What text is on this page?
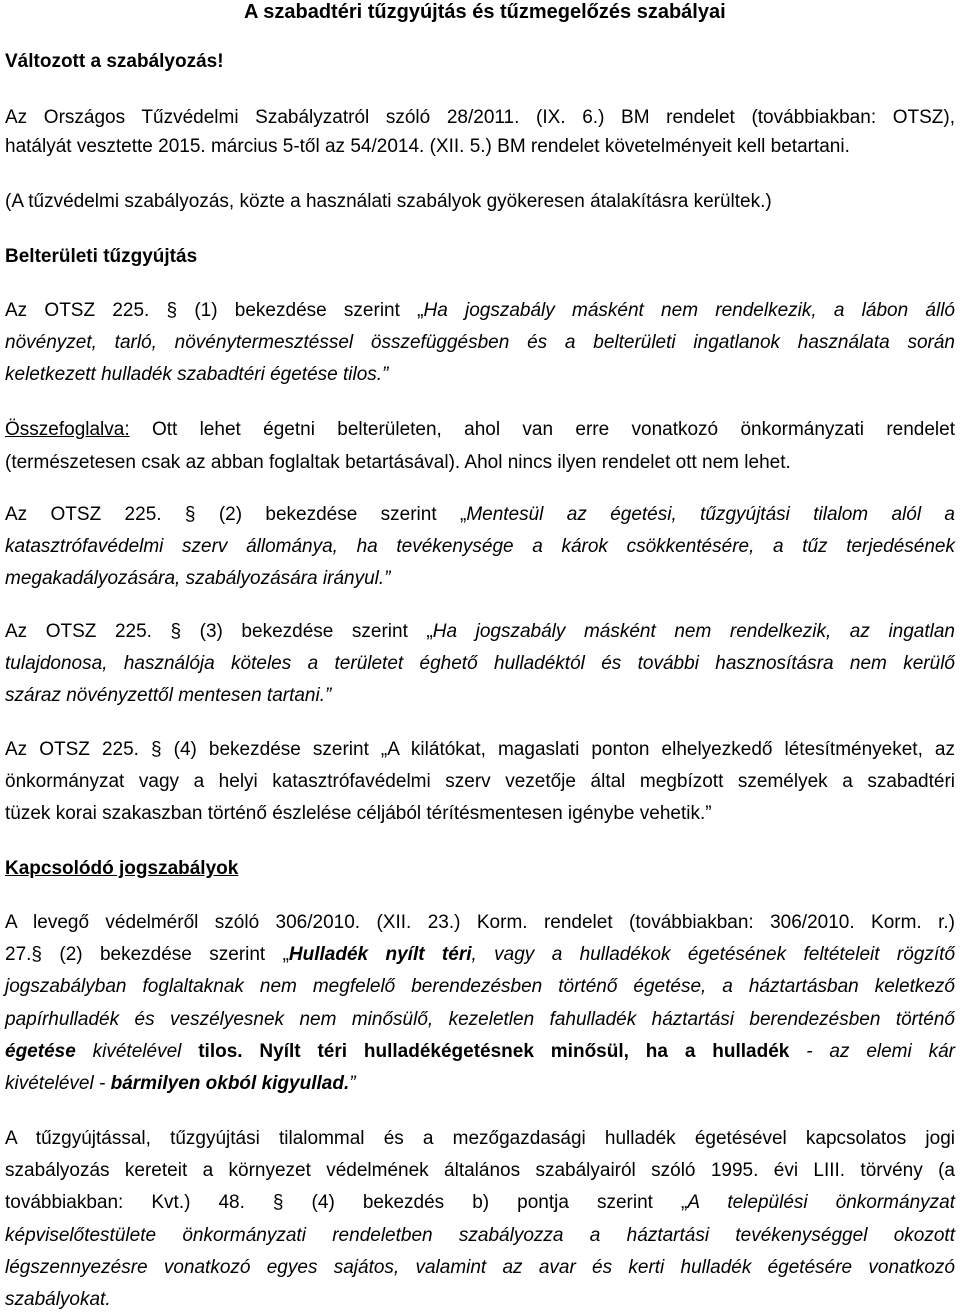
A szabadtéri tűzgyújtás és tűzmegelőzés szabályai
Változott a szabályozás!
Az Országos Tűzvédelmi Szabályzatról szóló 28/2011. (IX. 6.) BM rendelet (továbbiakban: OTSZ),
hatályát vesztette 2015. március 5-től az 54/2014. (XII. 5.) BM rendelet követelményeit kell betartani.
(A tűzvédelmi szabályozás, közte a használati szabályok gyökeresen átalakításra kerültek.)
Belterületi tűzgyújtás
Az OTSZ 225. § (1) bekezdése szerint „Ha jogszabály másként nem rendelkezik, a lábon álló
növényzet, tarló, növénytermesztéssel összefüggésben és a belterületi ingatlanok használata során
keletkezett hulladék szabadtéri égetése tilos.”
Összefoglalva: Ott lehet égetni belterületen, ahol van erre vonatkozó önkormányzati rendelet
(természetesen csak az abban foglaltak betartásával). Ahol nincs ilyen rendelet ott nem lehet.
Az OTSZ 225. § (2) bekezdése szerint „Mentesül az égetési, tűzgyújtási tilalom alól a
katasztrófavédelmi szerv állománya, ha tevékenysége a károk csökkentésére, a tűz terjedésének
megakadályozására, szabályozására irányul.”
Az OTSZ 225. § (3) bekezdése szerint „Ha jogszabály másként nem rendelkezik, az ingatlan
tulajdonosa, használója köteles a területet éghető hulladéktól és további hasznosításra nem kerülő
száraz növényzettől mentesen tartani.”
Az OTSZ 225. § (4) bekezdése szerint „A kilátókat, magaslati ponton elhelyezkedő létesítményeket, az
önkormányzat vagy a helyi katasztrófavédelmi szerv vezetője által megbízott személyek a szabadtéri
tüzek korai szakaszban történő észlelése céljából térítésmentesen igénybe vehetik.”
Kapcsolódó jogszabályok
A levegő védelméről szóló 306/2010. (XII. 23.) Korm. rendelet (továbbiakban: 306/2010. Korm. r.)
27.§ (2) bekezdése szerint „Hulladék nyílt téri, vagy a hulladékok égetésének feltételeit rögzítő
jogszabályban foglaltaknak nem megfelelő berendezésben történő égetése, a háztartásban keletkező
papírhulladék és veszélyesnek nem minősülő, kezeletlen fahulladék háztartási berendezésben történő
égetése kivételével tilos. Nyílt téri hulladékégetésnek minősül, ha a hulladék - az elemi kár
kivételével - bármilyen okból kigyullad.”
A tűzgyújtással, tűzgyújtási tilalommal és a mezőgazdasági hulladék égetésével kapcsolatos jogi
szabályozás kereteit a környezet védelmének általános szabályairól szóló 1995. évi LIII. törvény (a
továbbiakban: Kvt.) 48. § (4) bekezdés b) pontja szerint „A települési önkormányzat
képviselőtestülete önkormányzati rendeletben szabályozza a háztartási tevékenységgel okozott
légszennyezésre vonatkozó egyes sajátos, valamint az avar és kerti hulladék égetésére vonatkozó
szabályokat.
